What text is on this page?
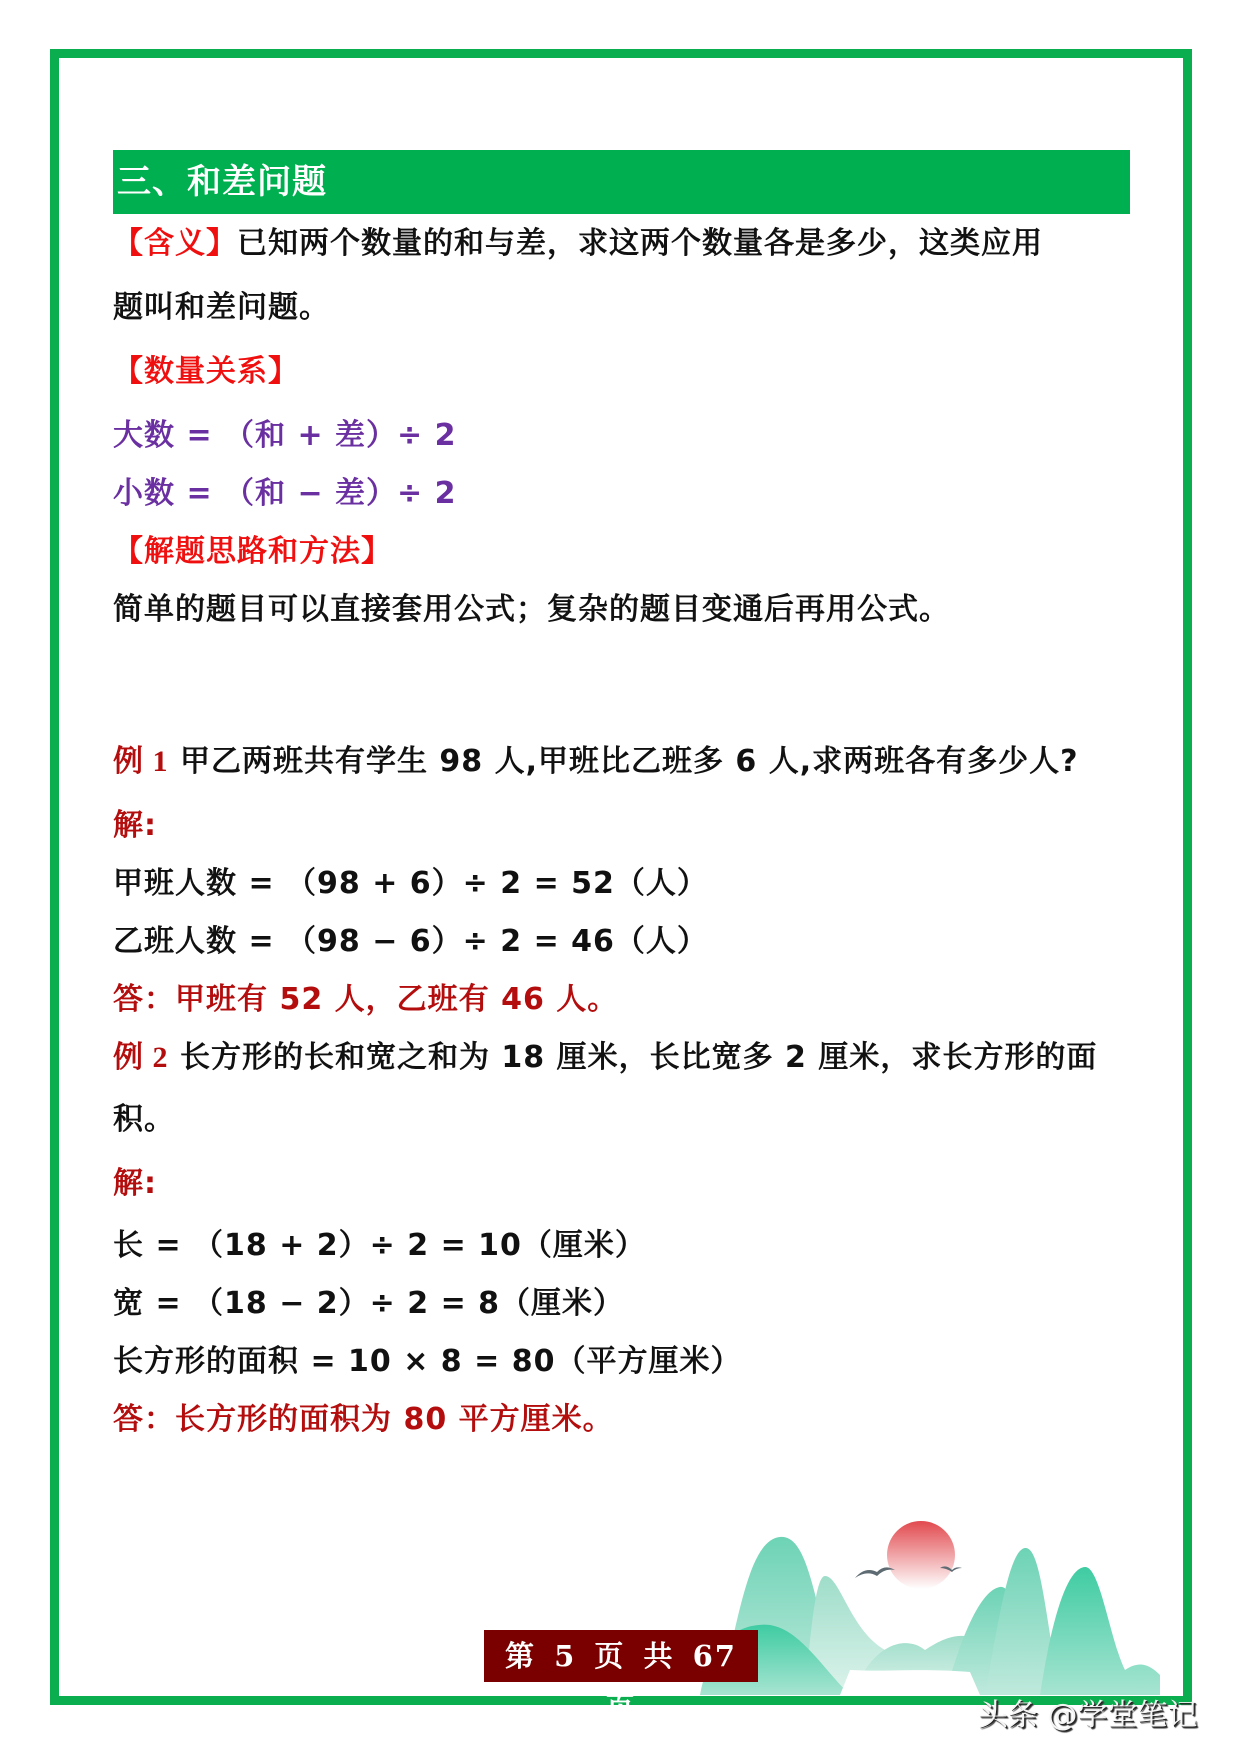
三、和差问题
【含义】已知两个数量的和与差，求这两个数量各是多少，这类应用
题叫和差问题。
【数量关系】
大数 = （和 + 差）÷ 2
小数 = （和 − 差）÷ 2
【解题思路和方法】
简单的题目可以直接套用公式；复杂的题目变通后再用公式。
例 1 甲乙两班共有学生 98 人,甲班比乙班多 6 人,求两班各有多少人?
解:
甲班人数 = （98 + 6）÷ 2 = 52（人）
乙班人数 = （98 − 6）÷ 2 = 46（人）
答：甲班有 52 人，乙班有 46 人。
例 2 长方形的长和宽之和为 18 厘米，长比宽多 2 厘米，求长方形的面
积。
解:
长 = （18 + 2）÷ 2 = 10（厘米）
宽 = （18 − 2）÷ 2 = 8（厘米）
长方形的面积 = 10 × 8 = 80（平方厘米）
答：长方形的面积为 80 平方厘米。
第 5 页 共 67 页	头条 @学堂笔记
